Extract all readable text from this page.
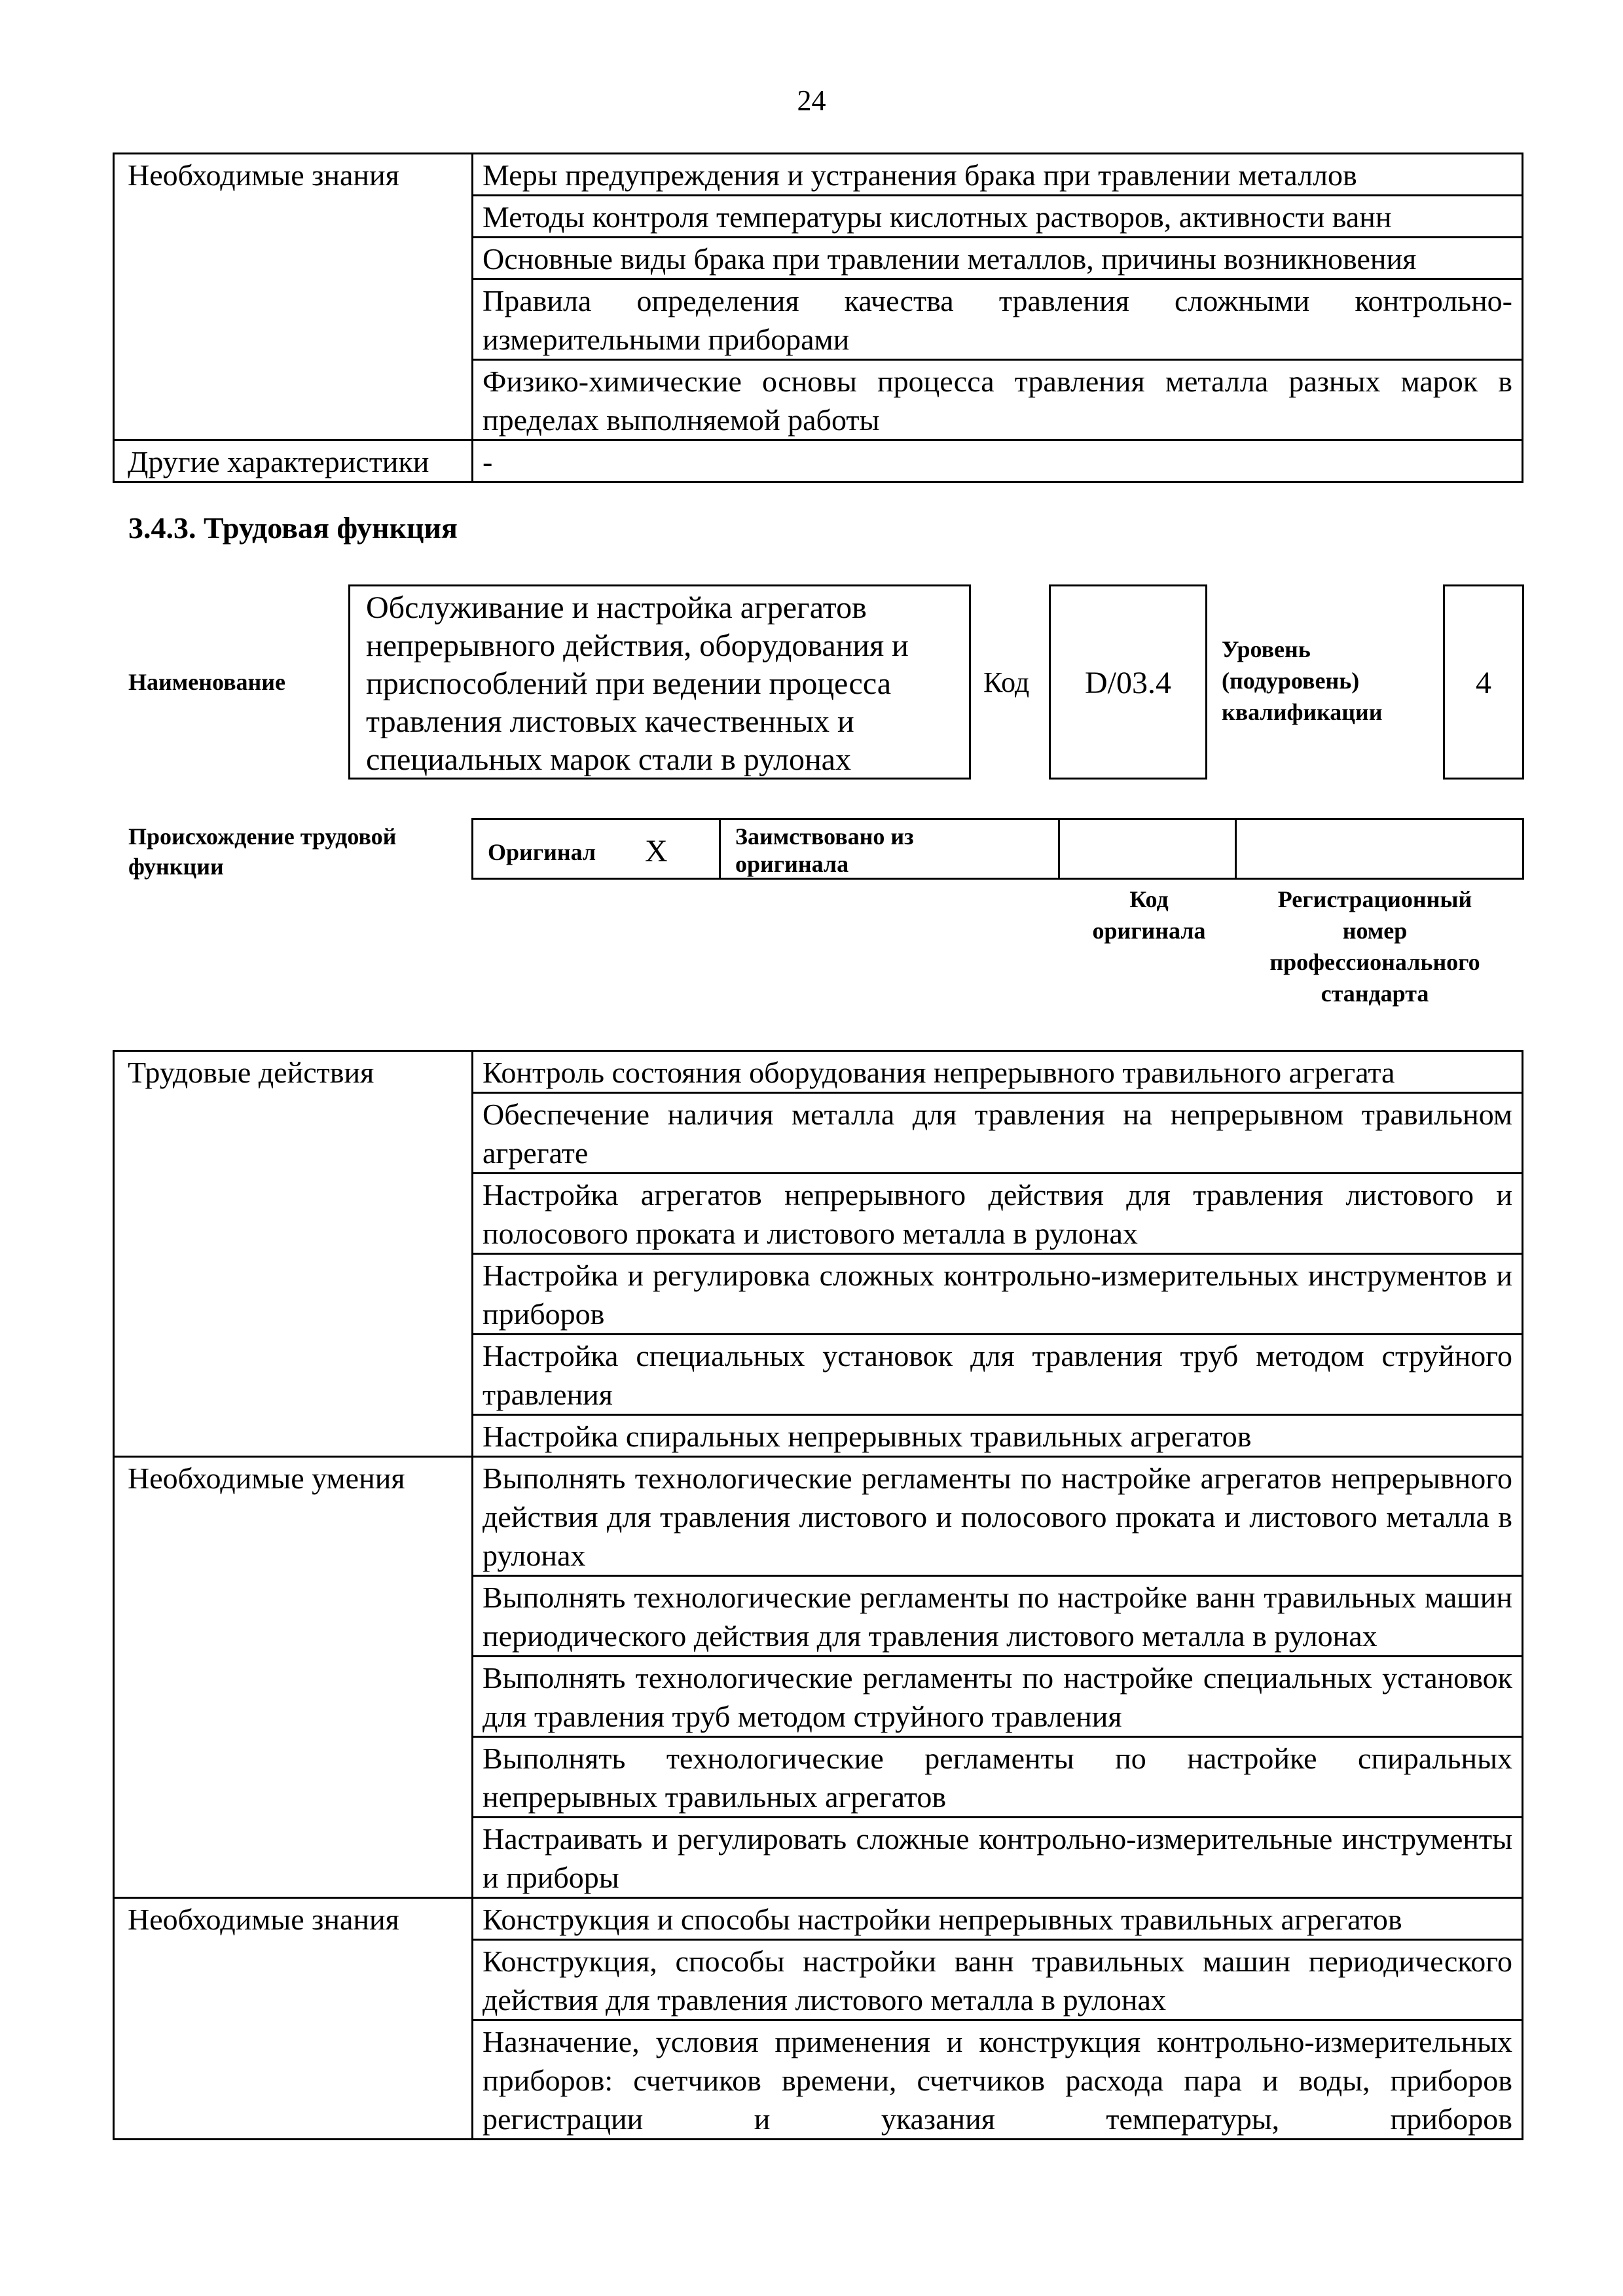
24
Необходимые знания	Меры предупреждения и устранения брака при травлении металлов
	Методы контроля температуры кислотных растворов, активности ванн
	Основные виды брака при травлении металлов, причины возникновения
	Правила определения качества травления сложными контрольно-измерительными приборами
	Физико-химические основы процесса травления металла разных марок в пределах выполняемой работы
Другие характеристики	-
3.4.3. Трудовая функция
Наименование
Обслуживание и настройка агрегатов непрерывного действия, оборудования и приспособлений при ведении процесса травления листовых качественных и специальных марок стали в рулонах
Код	D/03.4
Уровень (подуровень) квалификации
4
Происхождение трудовой функции
Оригинал X	Заимствовано из оригинала
Код оригинала
Регистрационный номер профессионального стандарта
Трудовые действия	Контроль состояния оборудования непрерывного травильного агрегата
	Обеспечение наличия металла для травления на непрерывном травильном агрегате
	Настройка агрегатов непрерывного действия для травления листового и полосового проката и листового металла в рулонах
	Настройка и регулировка сложных контрольно-измерительных инструментов и приборов
	Настройка специальных установок для травления труб методом струйного травления
	Настройка спиральных непрерывных травильных агрегатов
Необходимые умения	Выполнять технологические регламенты по настройке агрегатов непрерывного действия для травления листового и полосового проката и листового металла в рулонах
	Выполнять технологические регламенты по настройке ванн травильных машин периодического действия для травления листового металла в рулонах
	Выполнять технологические регламенты по настройке специальных установок для травления труб методом струйного травления
	Выполнять технологические регламенты по настройке спиральных непрерывных травильных агрегатов
	Настраивать и регулировать сложные контрольно-измерительные инструменты и приборы
Необходимые знания	Конструкция и способы настройки непрерывных травильных агрегатов
	Конструкция, способы настройки ванн травильных машин периодического действия для травления листового металла в рулонах
	Назначение, условия применения и конструкция контрольно-измерительных приборов: счетчиков времени, счетчиков расхода пара и воды, приборов регистрации и указания температуры, приборов
